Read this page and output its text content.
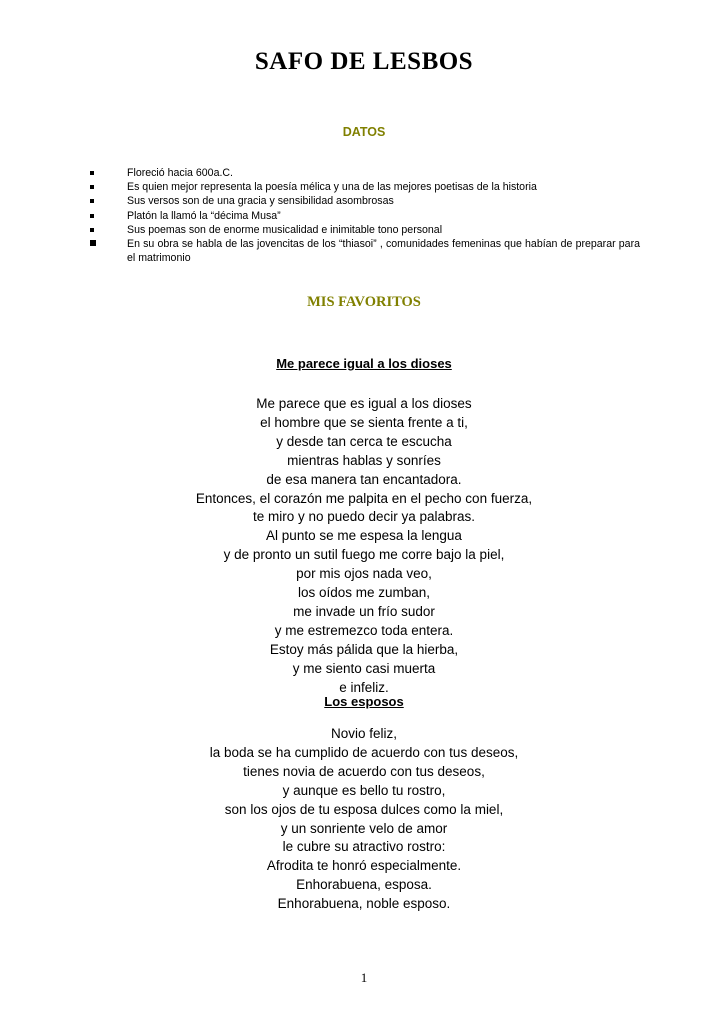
SAFO DE LESBOS
DATOS
Floreció hacia 600a.C.
Es quien mejor representa la poesía mélica y una de las mejores poetisas de la historia
Sus versos son de una gracia y sensibilidad asombrosas
Platón la llamó la “décima Musa”
Sus poemas son de enorme musicalidad e inimitable tono personal
En su obra se habla de las jovencitas de los “thiasoi” , comunidades femeninas que habían de preparar para el matrimonio
MIS FAVORITOS
Me parece igual a los dioses
Me parece que es igual a los dioses
el hombre que se sienta frente a ti,
y desde tan cerca te escucha
mientras hablas y sonríes
de esa manera tan encantadora.
Entonces, el corazón me palpita en el pecho con fuerza,
te miro y no puedo decir ya palabras.
Al punto se me espesa la lengua
y de pronto un sutil fuego me corre bajo la piel,
por mis ojos nada veo,
los oídos me zumban,
me invade un frío sudor
y me estremezco toda entera.
Estoy más pálida que la hierba,
y me siento casi muerta
e infeliz.
Los esposos
Novio feliz,
la boda se ha cumplido de acuerdo con tus deseos,
tienes novia de acuerdo con tus deseos,
y aunque es bello tu rostro,
son los ojos de tu esposa dulces como la miel,
y un sonriente velo de amor
le cubre su atractivo rostro:
Afrodita te honró especialmente.
Enhorabuena, esposa.
Enhorabuena, noble esposo.
1
